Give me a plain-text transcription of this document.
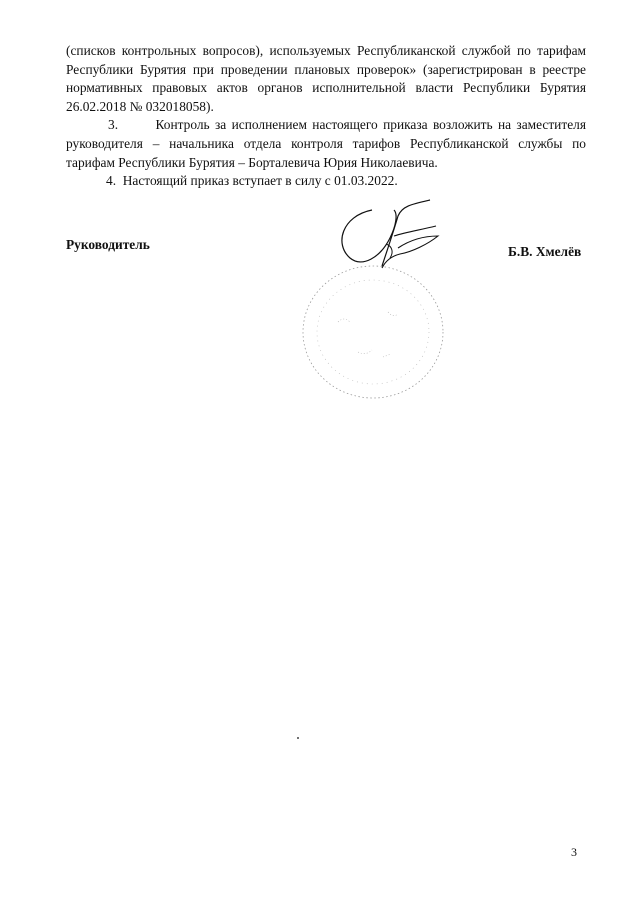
(списков контрольных вопросов), используемых Республиканской службой по тарифам Республики Бурятия при проведении плановых проверок» (зарегистрирован в реестре нормативных правовых актов органов исполнительной власти Республики Бурятия 26.02.2018 № 032018058).

3.       Контроль за исполнением настоящего приказа возложить на заместителя руководителя – начальника отдела контроля тарифов Республиканской службы по тарифам Республики Бурятия – Борталевича Юрия Николаевича.

4.  Настоящий приказ вступает в силу с 01.03.2022.

Руководитель	Б.В. Хмелёв
3
